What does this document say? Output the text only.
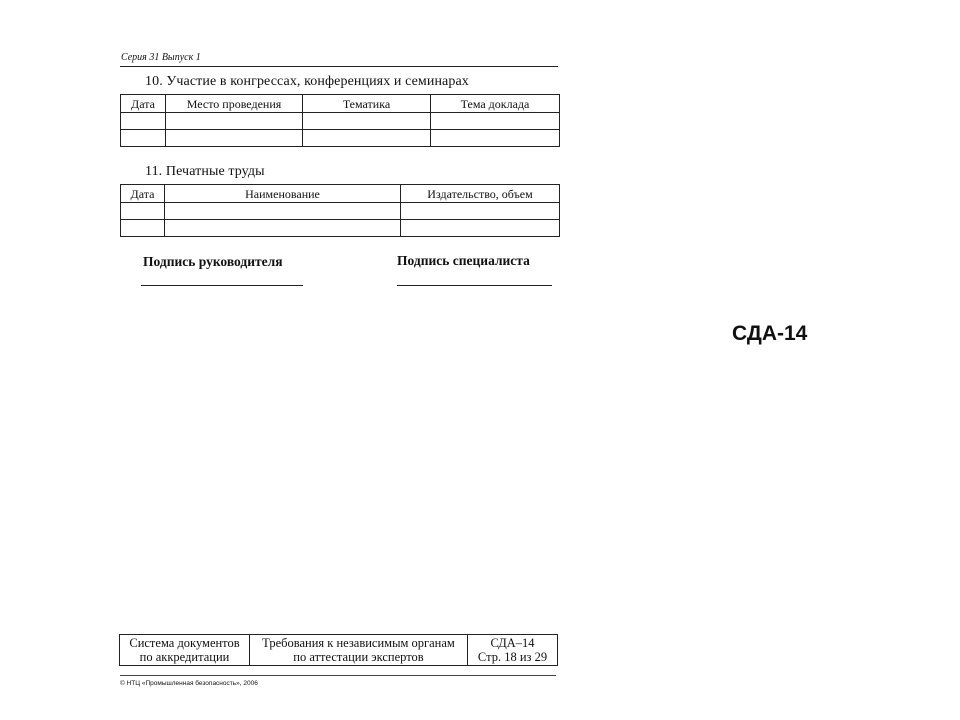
Серия 31 Выпуск 1
10. Участие в конгрессах, конференциях и семинарах
Дата	Место проведения	Тематика	Тема доклада

11. Печатные труды
Дата	Наименование	Издательство, объем

Подпись руководителя	Подпись специалиста
СДА-14
Система документов
по аккредитации

Требования к независимым органам
по аттестации экспертов

СДА–14
Стр. 18 из 29
© НТЦ «Промышленная безопасность», 2006
